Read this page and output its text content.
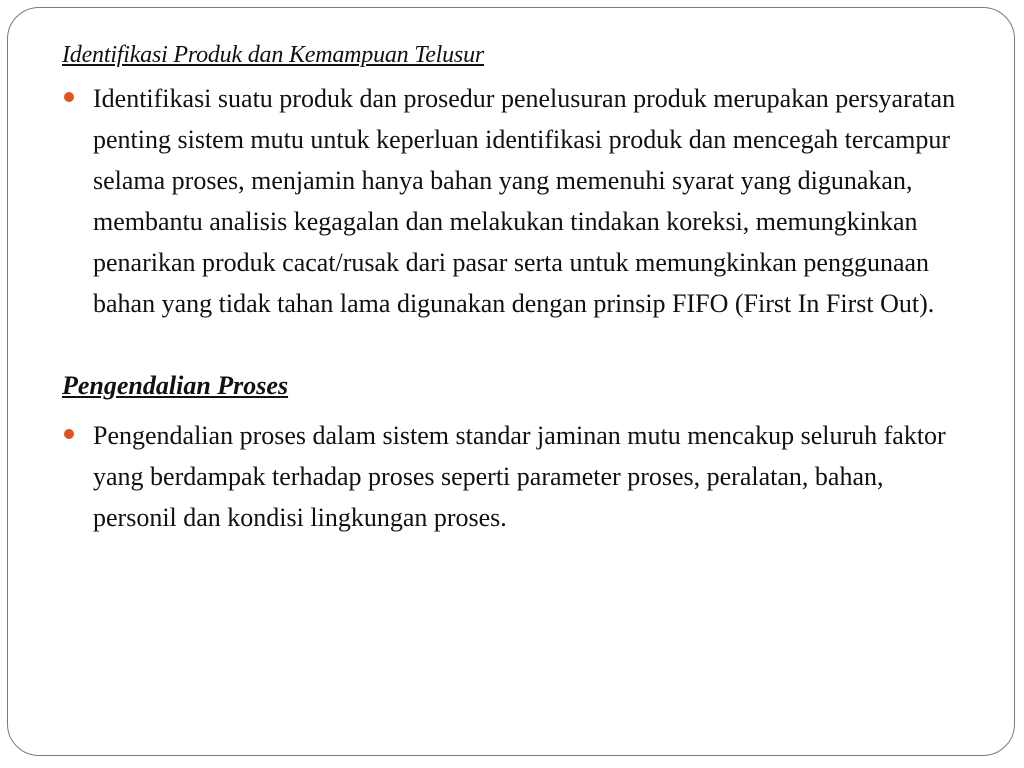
Identifikasi Produk dan Kemampuan Telusur

Identifikasi suatu produk dan prosedur penelusuran produk merupakan persyaratan penting sistem mutu untuk keperluan identifikasi produk dan mencegah tercampur selama proses, menjamin hanya bahan yang memenuhi syarat yang digunakan, membantu analisis kegagalan dan melakukan tindakan koreksi, memungkinkan penarikan produk cacat/rusak dari pasar serta untuk memungkinkan penggunaan bahan yang tidak tahan lama digunakan dengan prinsip FIFO (First In First Out).

Pengendalian Proses

Pengendalian proses dalam sistem standar jaminan mutu mencakup seluruh faktor yang berdampak terhadap proses seperti parameter proses, peralatan, bahan, personil dan kondisi lingkungan proses.
